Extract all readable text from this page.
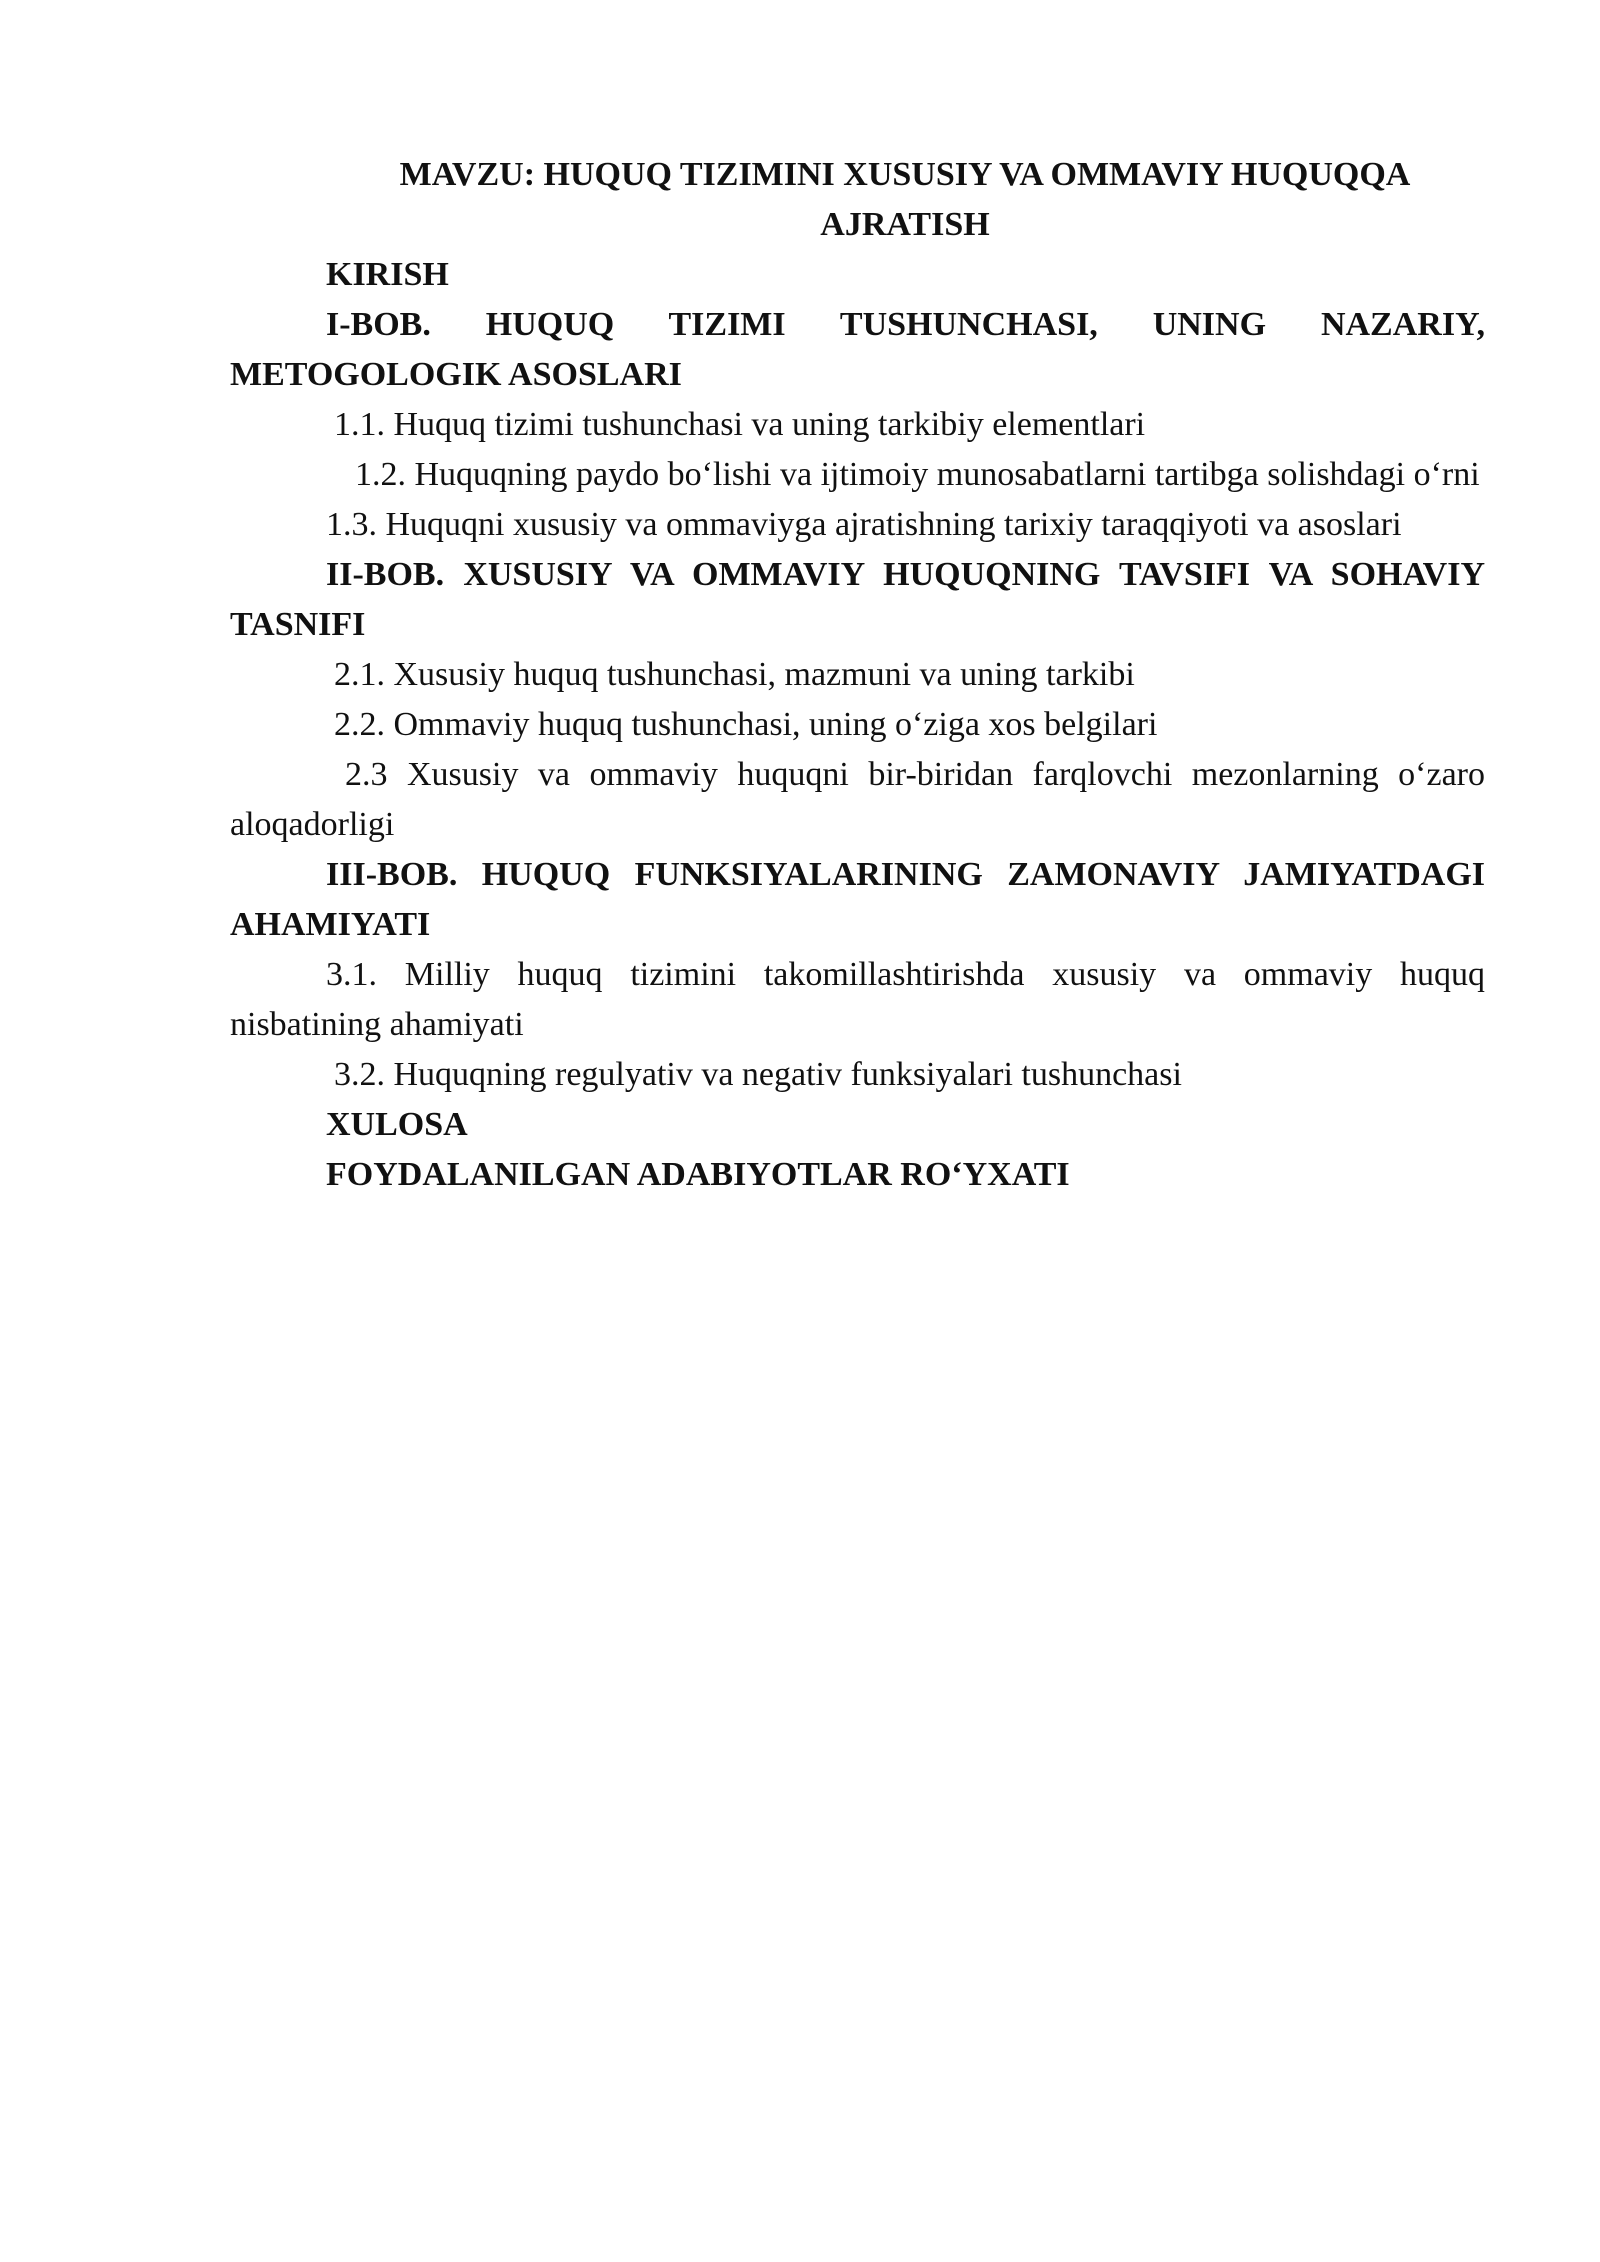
MAVZU: HUQUQ TIZIMINI XUSUSIY VA OMMAVIY HUQUQQA AJRATISH

KIRISH

I-BOB. HUQUQ TIZIMI TUSHUNCHASI, UNING NAZARIY, METOGOLOGIK ASOSLARI

1.1. Huquq tizimi tushunchasi va uning tarkibiy elementlari

1.2. Huquqning paydo bo‘lishi va ijtimoiy munosabatlarni tartibga solishdagi o‘rni

1.3. Huquqni xususiy va ommaviyga ajratishning tarixiy taraqqiyoti va asoslari

II-BOB. XUSUSIY VA OMMAVIY HUQUQNING TAVSIFI VA SOHAVIY TASNIFI

2.1. Xususiy huquq tushunchasi, mazmuni va uning tarkibi

2.2. Ommaviy huquq tushunchasi, uning o‘ziga xos belgilari

2.3 Xususiy va ommaviy huquqni bir-biridan farqlovchi mezonlarning o‘zaro aloqadorligi

III-BOB. HUQUQ FUNKSIYALARINING ZAMONAVIY JAMIYATDAGI AHAMIYATI

3.1. Milliy huquq tizimini takomillashtirishda xususiy va ommaviy huquq nisbatining ahamiyati

3.2. Huquqning regulyativ va negativ funksiyalari tushunchasi

XULOSA

FOYDALANILGAN ADABIYOTLAR RO‘YXATI
